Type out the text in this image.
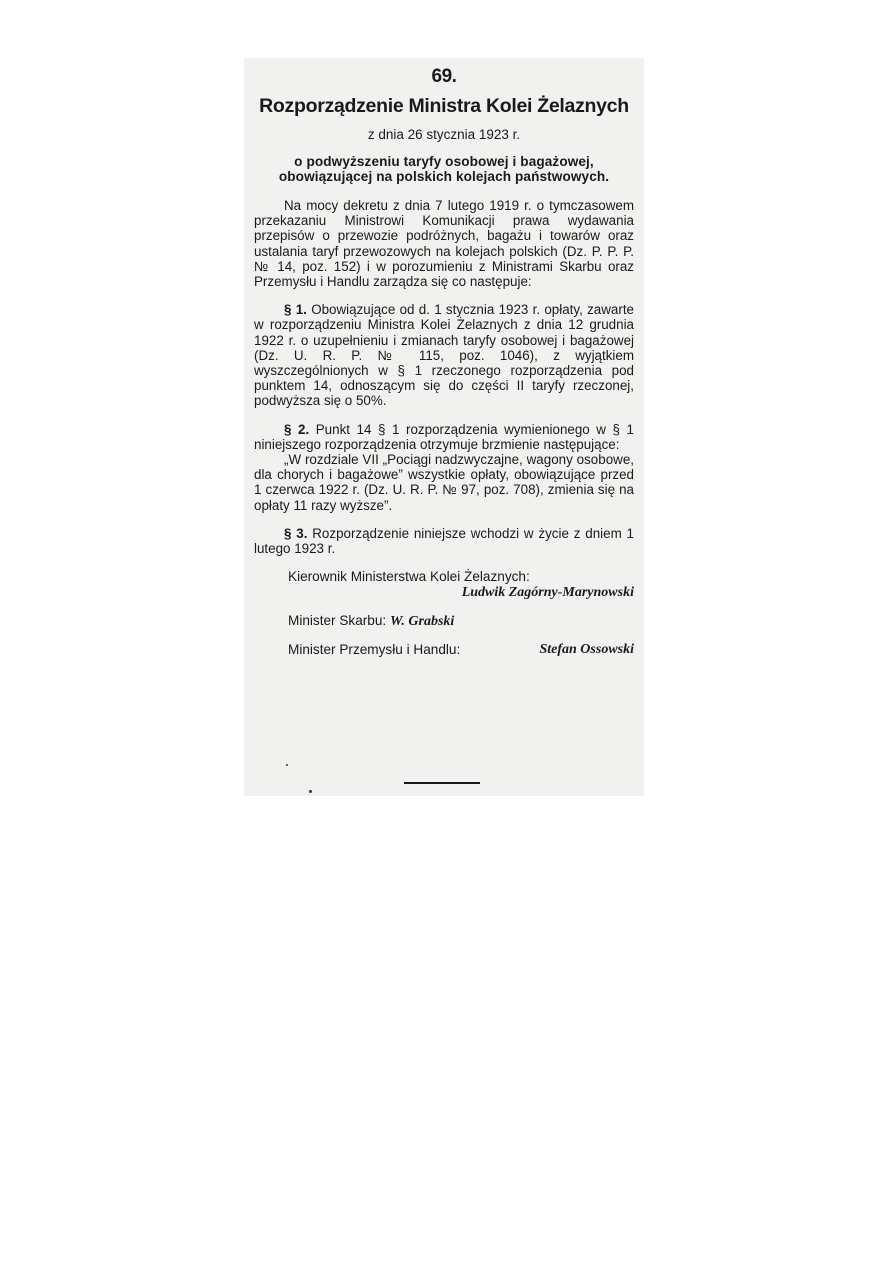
69.
Rozporządzenie Ministra Kolei Żelaznych
z dnia 26 stycznia 1923 r.
o podwyższeniu taryfy osobowej i bagażowej, obowiązującej na polskich kolejach państwowych.

Na mocy dekretu z dnia 7 lutego 1919 r. o tymczasowem przekazaniu Ministrowi Komunikacji prawa wydawania przepisów o przewozie podróżnych, bagażu i towarów oraz ustalania taryf przewozowych na kolejach polskich (Dz. P. P. P. № 14, poz. 152) i w porozumieniu z Ministrami Skarbu oraz Przemysłu i Handlu zarządza się co następuje:

§ 1. Obowiązujące od d. 1 stycznia 1923 r. opłaty, zawarte w rozporządzeniu Ministra Kolei Żelaznych z dnia 12 grudnia 1922 r. o uzupełnieniu i zmianach taryfy osobowej i bagażowej (Dz. U. R. P. № 115, poz. 1046), z wyjątkiem wyszczególnionych w § 1 rzeczonego rozporządzenia pod punktem 14, odnoszącym się do części II taryfy rzeczonej, podwyższa się o 50%.

§ 2. Punkt 14 § 1 rozporządzenia wymienionego w § 1 niniejszego rozporządzenia otrzymuje brzmienie następujące:

„W rozdziale VII „Pociągi nadzwyczajne, wagony osobowe, dla chorych i bagażowe” wszystkie opłaty, obowiązujące przed 1 czerwca 1922 r. (Dz. U. R. P. № 97, poz. 708), zmienia się na opłaty 11 razy wyższe”.

§ 3. Rozporządzenie niniejsze wchodzi w życie z dniem 1 lutego 1923 r.

Kierownik Ministerstwa Kolei Żelaznych:
Ludwik Zagórny-Marynowski
Minister Skarbu: W. Grabski
Minister Przemysłu i Handlu:	Stefan Ossowski
